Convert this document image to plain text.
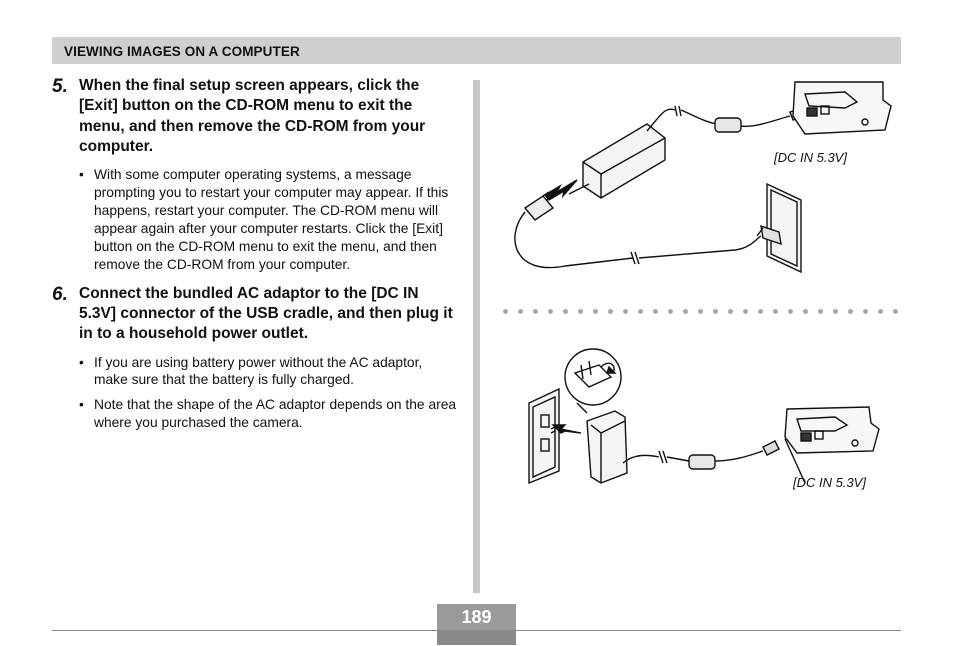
VIEWING IMAGES ON A COMPUTER
5. When the final setup screen appears, click the [Exit] button on the CD-ROM menu to exit the menu, and then remove the CD-ROM from your computer.
• With some computer operating systems, a message prompting you to restart your computer may appear. If this happens, restart your computer. The CD-ROM menu will appear again after your computer restarts. Click the [Exit] button on the CD-ROM menu to exit the menu, and then remove the CD-ROM from your computer.
6. Connect the bundled AC adaptor to the [DC IN 5.3V] connector of the USB cradle, and then plug it in to a household power outlet.
• If you are using battery power without the AC adaptor, make sure that the battery is fully charged.
• Note that the shape of the AC adaptor depends on the area where you purchased the camera.
[DC IN 5.3V]
[DC IN 5.3V]
189
